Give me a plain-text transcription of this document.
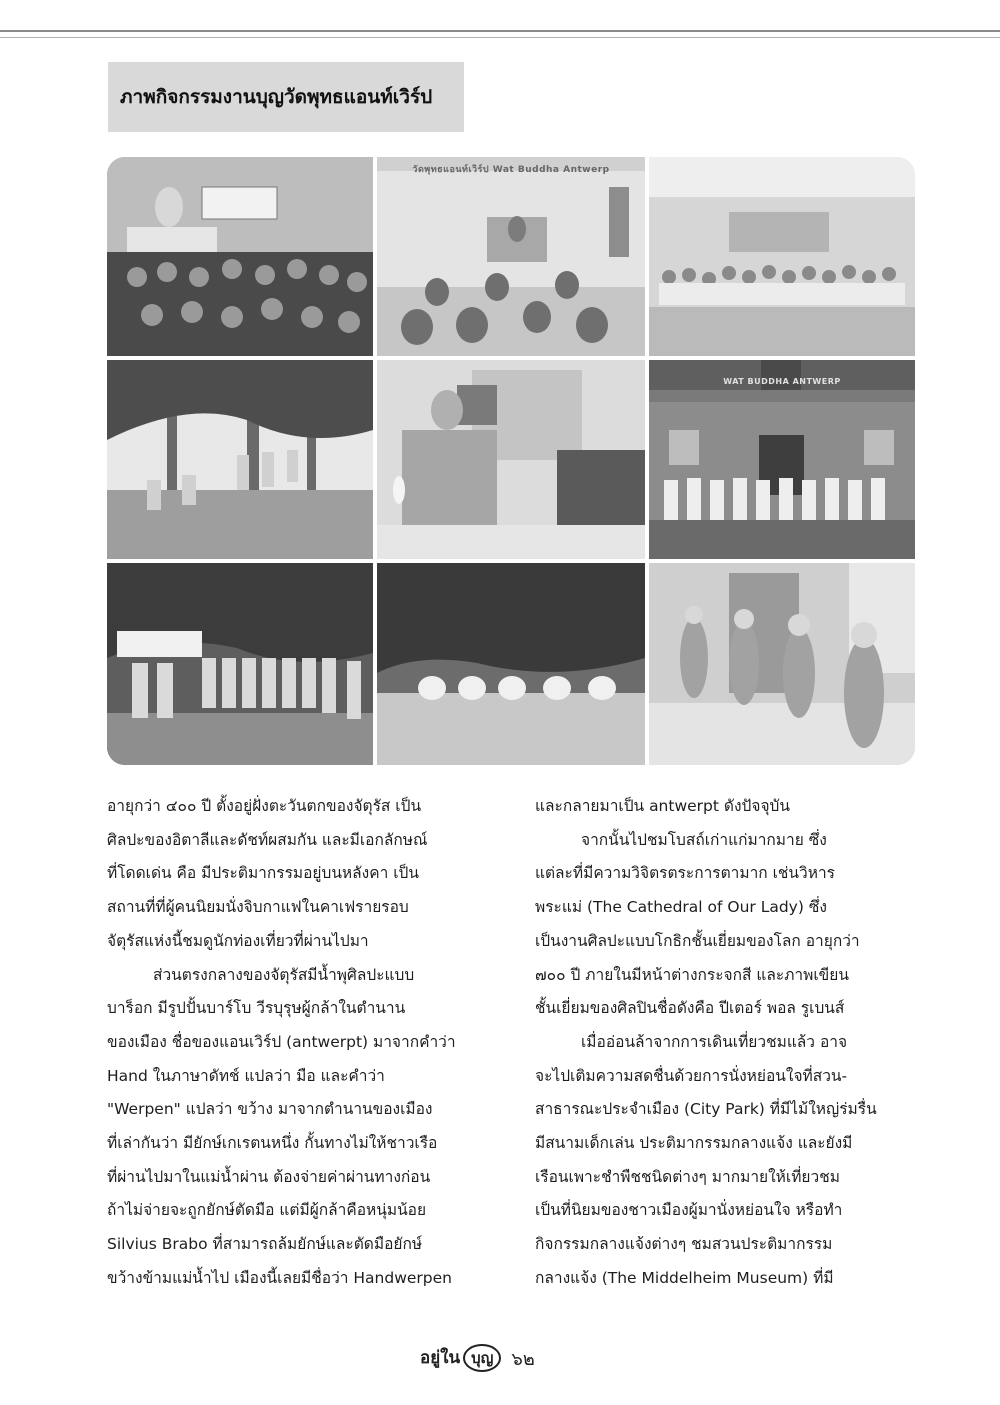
ภาพกิจกรรมงานบุญวัดพุทธแอนท์เวิร์ป
วัดพุทธแอนท์เวิร์ป Wat Buddha Antwerp
WAT BUDDHA ANTWERP

อายุกว่า ๔๐๐ ปี ตั้งอยู่ฝั่งตะวันตกของจัตุรัส เป็น

ศิลปะของอิตาลีและดัชท์ผสมกัน และมีเอกลักษณ์

ที่โดดเด่น คือ มีประติมากรรมอยู่บนหลังคา เป็น

สถานที่ที่ผู้คนนิยมนั่งจิบกาแฟในคาเฟรายรอบ

จัตุรัสแห่งนี้ชมดูนักท่องเที่ยวที่ผ่านไปมา

ส่วนตรงกลางของจัตุรัสมีน้ำพุศิลปะแบบ

บาร็อก มีรูปปั้นบาร์โบ วีรบุรุษผู้กล้าในตำนาน

ของเมือง ชื่อของแอนเวิร์ป (antwerpt) มาจากคำว่า

Hand ในภาษาดัทช์ แปลว่า มือ และคำว่า

"Werpen" แปลว่า ขว้าง มาจากตำนานของเมือง

ที่เล่ากันว่า มียักษ์เกเรตนหนึ่ง กั้นทางไม่ให้ชาวเรือ

ที่ผ่านไปมาในแม่น้ำผ่าน ต้องจ่ายค่าผ่านทางก่อน

ถ้าไม่จ่ายจะถูกยักษ์ตัดมือ แต่มีผู้กล้าคือหนุ่มน้อย

Silvius Brabo ที่สามารถล้มยักษ์และตัดมือยักษ์

ขว้างข้ามแม่น้ำไป เมืองนี้เลยมีชื่อว่า Handwerpen

และกลายมาเป็น antwerpt ดังปัจจุบัน

จากนั้นไปชมโบสถ์เก่าแก่มากมาย ซึ่ง

แต่ละที่มีความวิจิตรตระการตามาก เช่นวิหาร

พระแม่ (The Cathedral of Our Lady) ซึ่ง

เป็นงานศิลปะแบบโกธิกชั้นเยี่ยมของโลก อายุกว่า

๗๐๐ ปี ภายในมีหน้าต่างกระจกสี และภาพเขียน

ชั้นเยี่ยมของศิลปินชื่อดังคือ ปีเตอร์ พอล รูเบนส์

เมื่ออ่อนล้าจากการเดินเที่ยวชมแล้ว อาจ

จะไปเติมความสดชื่นด้วยการนั่งหย่อนใจที่สวน-

สาธารณะประจำเมือง (City Park) ที่มีไม้ใหญ่ร่มรื่น

มีสนามเด็กเล่น ประติมากรรมกลางแจ้ง และยังมี

เรือนเพาะชำพืชชนิดต่างๆ มากมายให้เที่ยวชม

เป็นที่นิยมของชาวเมืองผู้มานั่งหย่อนใจ หรือทำ

กิจกรรมกลางแจ้งต่างๆ ชมสวนประติมากรรม

กลางแจ้ง (The Middelheim Museum) ที่มี

อยู่ใน บุญ	๖๒
